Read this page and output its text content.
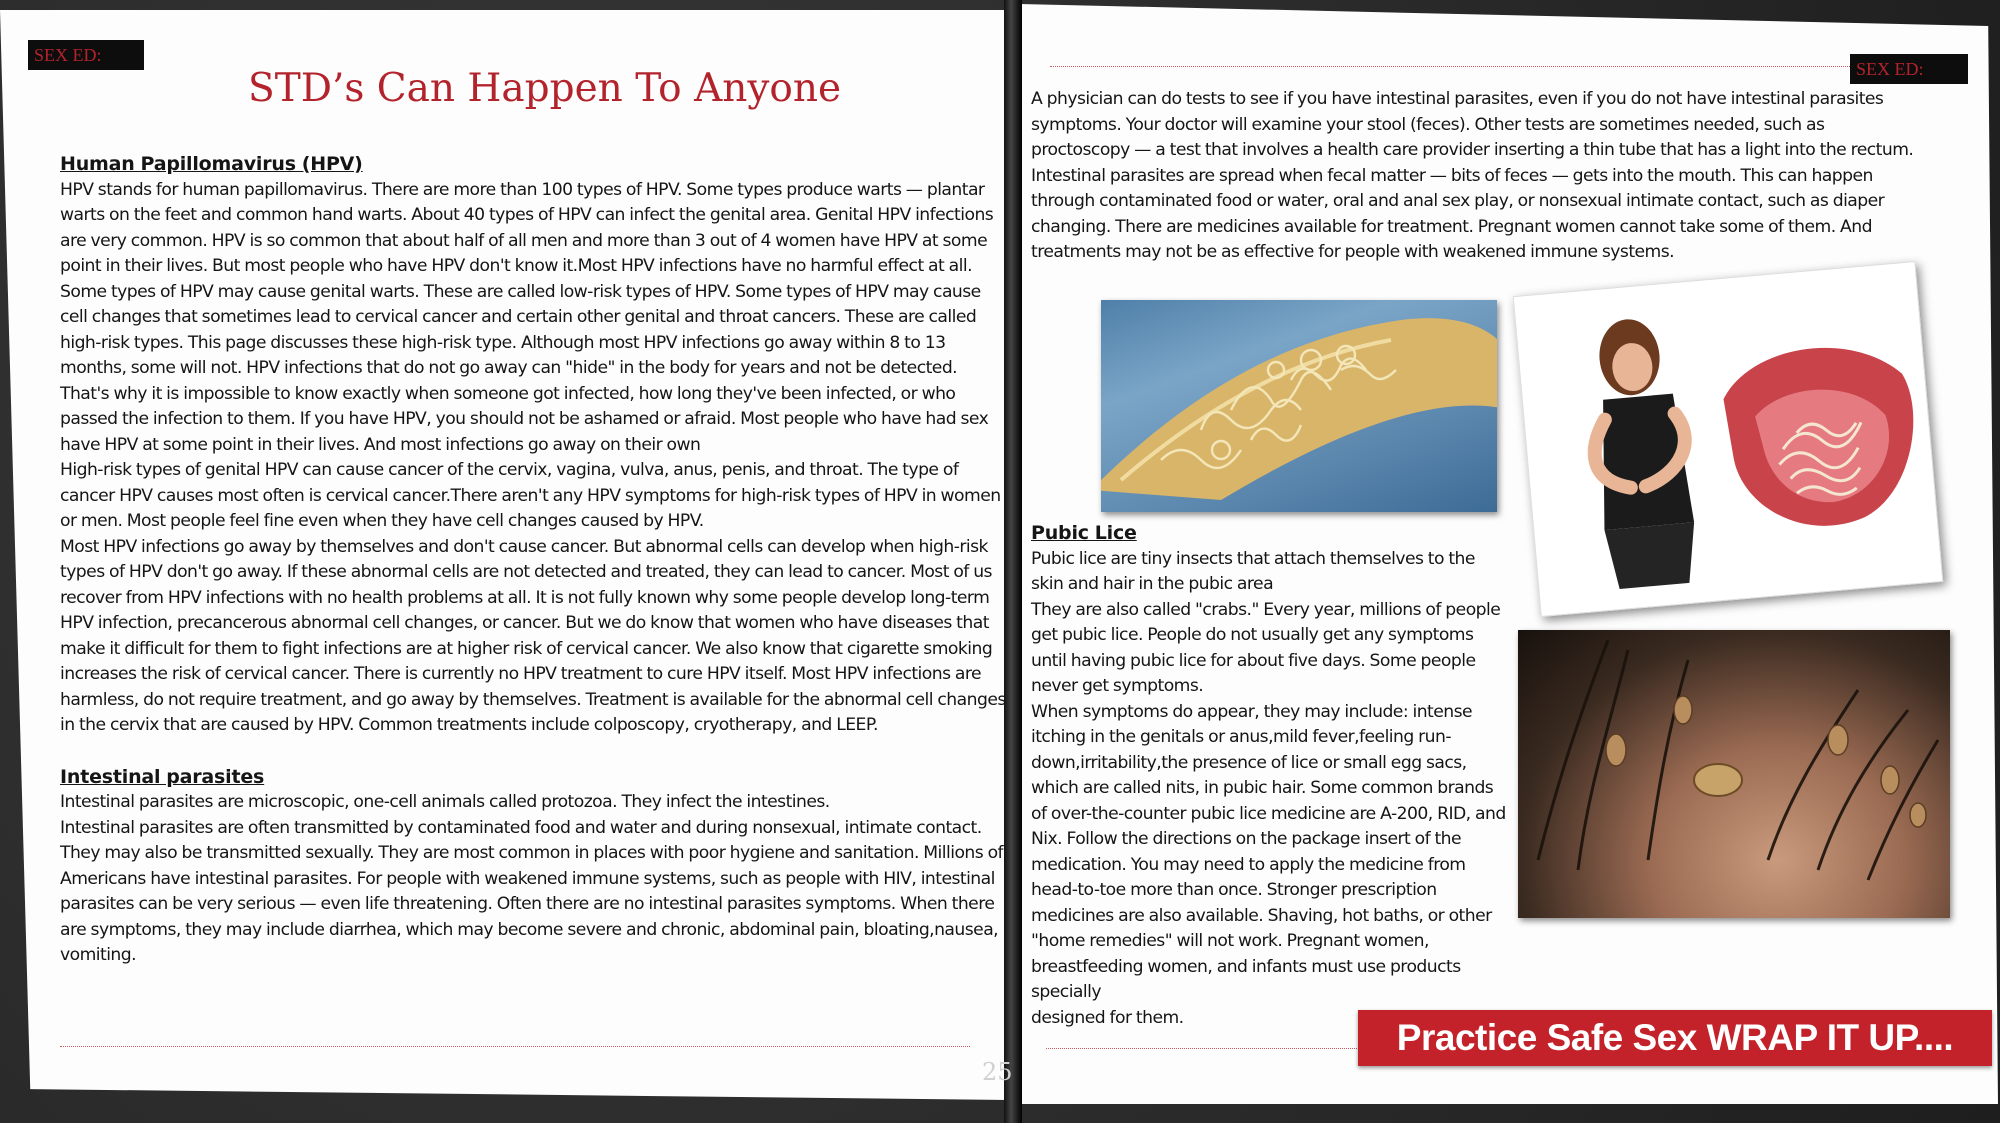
SEX ED:
STD’s Can Happen To Anyone
Human Papillomavirus (HPV)
HPV stands for human papillomavirus. There are more than 100 types of HPV. Some types produce warts — plantar warts on the feet and common hand warts. About 40 types of HPV can infect the genital area. Genital HPV infections are very common. HPV is so common that about half of all men and more than 3 out of 4 women have HPV at some point in their lives. But most people who have HPV don't know it.Most HPV infections have no harmful effect at all. Some types of HPV may cause genital warts. These are called low-risk types of HPV. Some types of HPV may cause cell changes that sometimes lead to cervical cancer and certain other genital and throat cancers. These are called high-risk types. This page discusses these high-risk type. Although most HPV infections go away within 8 to 13 months, some will not. HPV infections that do not go away can "hide" in the body for years and not be detected. That's why it is impossible to know exactly when someone got infected, how long they've been infected, or who passed the infection to them. If you have HPV, you should not be ashamed or afraid. Most people who have had sex have HPV at some point in their lives. And most infections go away on their own
High-risk types of genital HPV can cause cancer of the cervix, vagina, vulva, anus, penis, and throat. The type of cancer HPV causes most often is cervical cancer.There aren't any HPV symptoms for high-risk types of HPV in women or men. Most people feel fine even when they have cell changes caused by HPV.
Most HPV infections go away by themselves and don't cause cancer. But abnormal cells can develop when high-risk types of HPV don't go away. If these abnormal cells are not detected and treated, they can lead to cancer. Most of us recover from HPV infections with no health problems at all. It is not fully known why some people develop long-term HPV infection, precancerous abnormal cell changes, or cancer. But we do know that women who have diseases that make it difficult for them to fight infections are at higher risk of cervical cancer. We also know that cigarette smoking increases the risk of cervical cancer. There is currently no HPV treatment to cure HPV itself. Most HPV infections are harmless, do not require treatment, and go away by themselves. Treatment is available for the abnormal cell changes in the cervix that are caused by HPV. Common treatments include colposcopy, cryotherapy, and LEEP.
Intestinal parasites
Intestinal parasites are microscopic, one-cell animals called protozoa. They infect the intestines.
Intestinal parasites are often transmitted by contaminated food and water and during nonsexual, intimate contact. They may also be transmitted sexually. They are most common in places with poor hygiene and sanitation. Millions of Americans have intestinal parasites. For people with weakened immune systems, such as people with HIV, intestinal parasites can be very serious — even life threatening. Often there are no intestinal parasites symptoms. When there are symptoms, they may include diarrhea, which may become severe and chronic, abdominal pain, bloating,nausea, vomiting.
25
SEX ED:
A physician can do tests to see if you have intestinal parasites, even if you do not have intestinal parasites symptoms. Your doctor will examine your stool (feces). Other tests are sometimes needed, such as proctoscopy — a test that involves a health care provider inserting a thin tube that has a light into the rectum. Intestinal parasites are spread when fecal matter — bits of feces — gets into the mouth. This can happen through contaminated food or water, oral and anal sex play, or nonsexual intimate contact, such as diaper changing. There are medicines available for treatment. Pregnant women cannot take some of them. And treatments may not be as effective for people with weakened immune systems.
Pubic Lice
Pubic lice are tiny insects that attach themselves to the skin and hair in the pubic area
They are also called "crabs." Every year, millions of people get pubic lice. People do not usually get any symptoms until having pubic lice for about five days. Some people never get symptoms.
When symptoms do appear, they may include: intense itching in the genitals or anus,mild fever,feeling run-down,irritability,the presence of lice or small egg sacs, which are called nits, in pubic hair. Some common brands of over-the-counter pubic lice medicine are A-200, RID, and Nix. Follow the directions on the package insert of the medication. You may need to apply the medicine from head-to-toe more than once. Stronger prescription medicines are also available. Shaving, hot baths, or other "home remedies" will not work. Pregnant women, breastfeeding women, and infants must use products specially
designed for them.	Practice Safe Sex WRAP IT UP....
